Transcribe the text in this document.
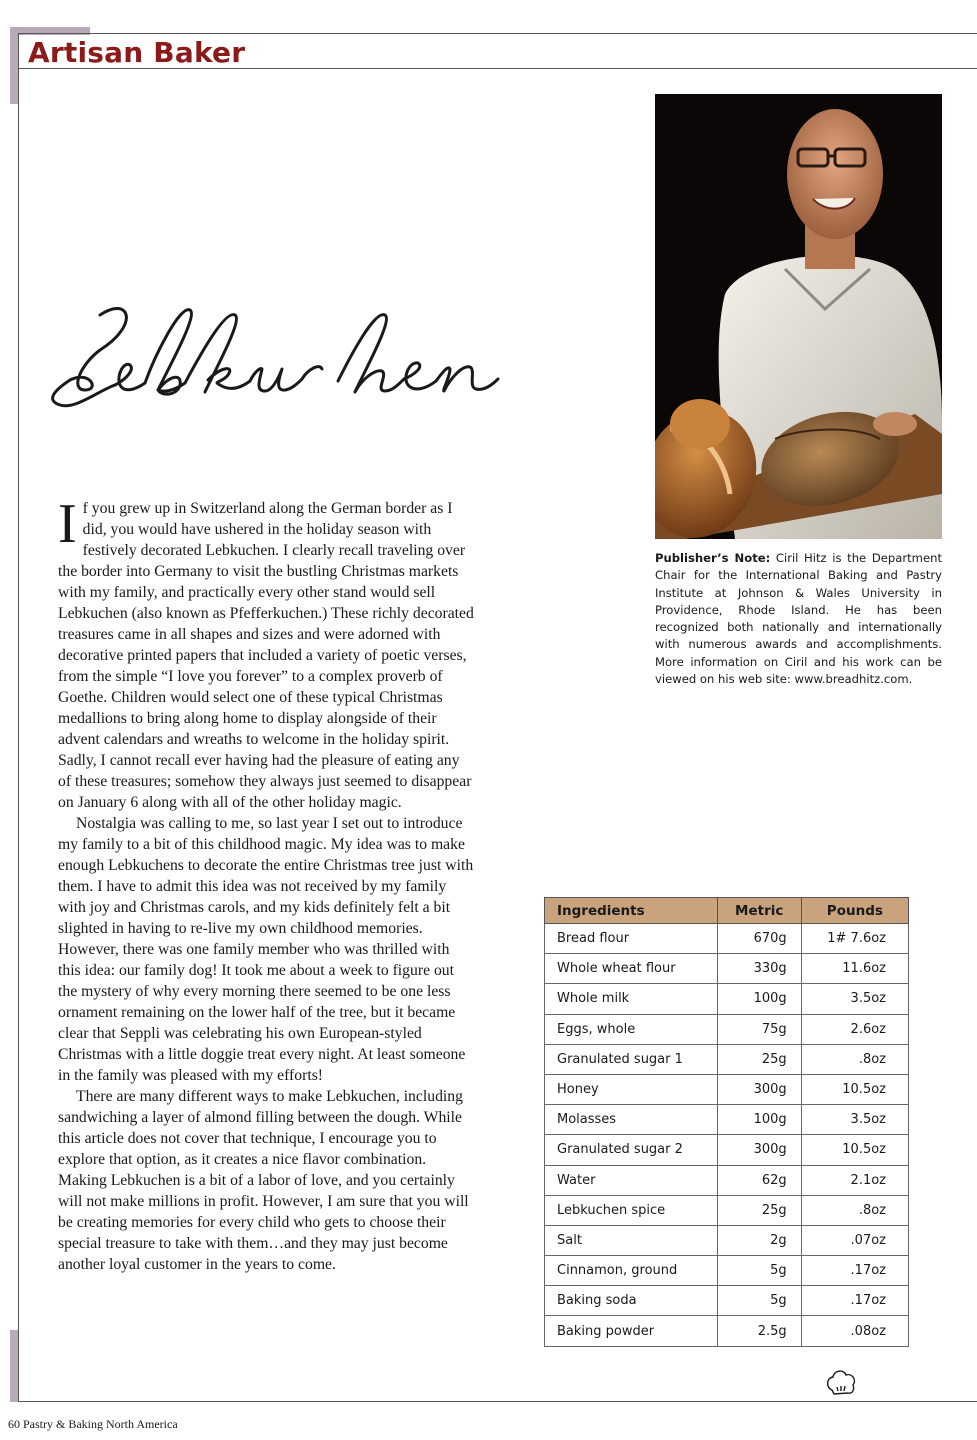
Artisan Baker

If you grew up in Switzerland along the German border as I did, you would have ushered in the holiday season with festively decorated Lebkuchen. I clearly recall traveling over the border into Germany to visit the bustling Christmas markets with my family, and practically every other stand would sell Lebkuchen (also known as Pfefferkuchen.) These richly decorated treasures came in all shapes and sizes and were adorned with decorative printed papers that included a variety of poetic verses, from the simple “I love you forever” to a complex proverb of Goethe. Children would select one of these typical Christmas medallions to bring along home to display alongside of their advent calendars and wreaths to welcome in the holiday spirit. Sadly, I cannot recall ever having had the pleasure of eating any of these treasures; somehow they always just seemed to disappear on January 6 along with all of the other holiday magic.

Nostalgia was calling to me, so last year I set out to introduce my family to a bit of this childhood magic. My idea was to make enough Lebkuchens to decorate the entire Christmas tree just with them. I have to admit this idea was not received by my family with joy and Christmas carols, and my kids definitely felt a bit slighted in having to re-live my own childhood memories. However, there was one family member who was thrilled with this idea: our family dog! It took me about a week to figure out the mystery of why every morning there seemed to be one less ornament remaining on the lower half of the tree, but it became clear that Seppli was celebrating his own European-styled Christmas with a little doggie treat every night. At least someone in the family was pleased with my efforts!

There are many different ways to make Lebkuchen, including sandwiching a layer of almond filling between the dough. While this article does not cover that technique, I encourage you to explore that option, as it creates a nice flavor combination. Making Lebkuchen is a bit of a labor of love, and you certainly will not make millions in profit. However, I am sure that you will be creating memories for every child who gets to choose their special treasure to take with them…and they may just become another loyal customer in the years to come.

Publisher’s Note: Ciril Hitz is the Department Chair for the International Baking and Pastry Institute at Johnson & Wales University in Providence, Rhode Island. He has been recognized both nationally and internationally with numerous awards and accomplishments. More information on Ciril and his work can be viewed on his web site: www.breadhitz.com.
Ingredients	Metric	Pounds
Bread flour	670g	1# 7.6oz
Whole wheat flour	330g	11.6oz
Whole milk	100g	3.5oz
Eggs, whole	75g	2.6oz
Granulated sugar 1	25g	.8oz
Honey	300g	10.5oz
Molasses	100g	3.5oz
Granulated sugar 2	300g	10.5oz
Water	62g	2.1oz
Lebkuchen spice	25g	.8oz
Salt	2g	.07oz
Cinnamon, ground	5g	.17oz
Baking soda	5g	.17oz
Baking powder	2.5g	.08oz
60 Pastry & Baking North America
